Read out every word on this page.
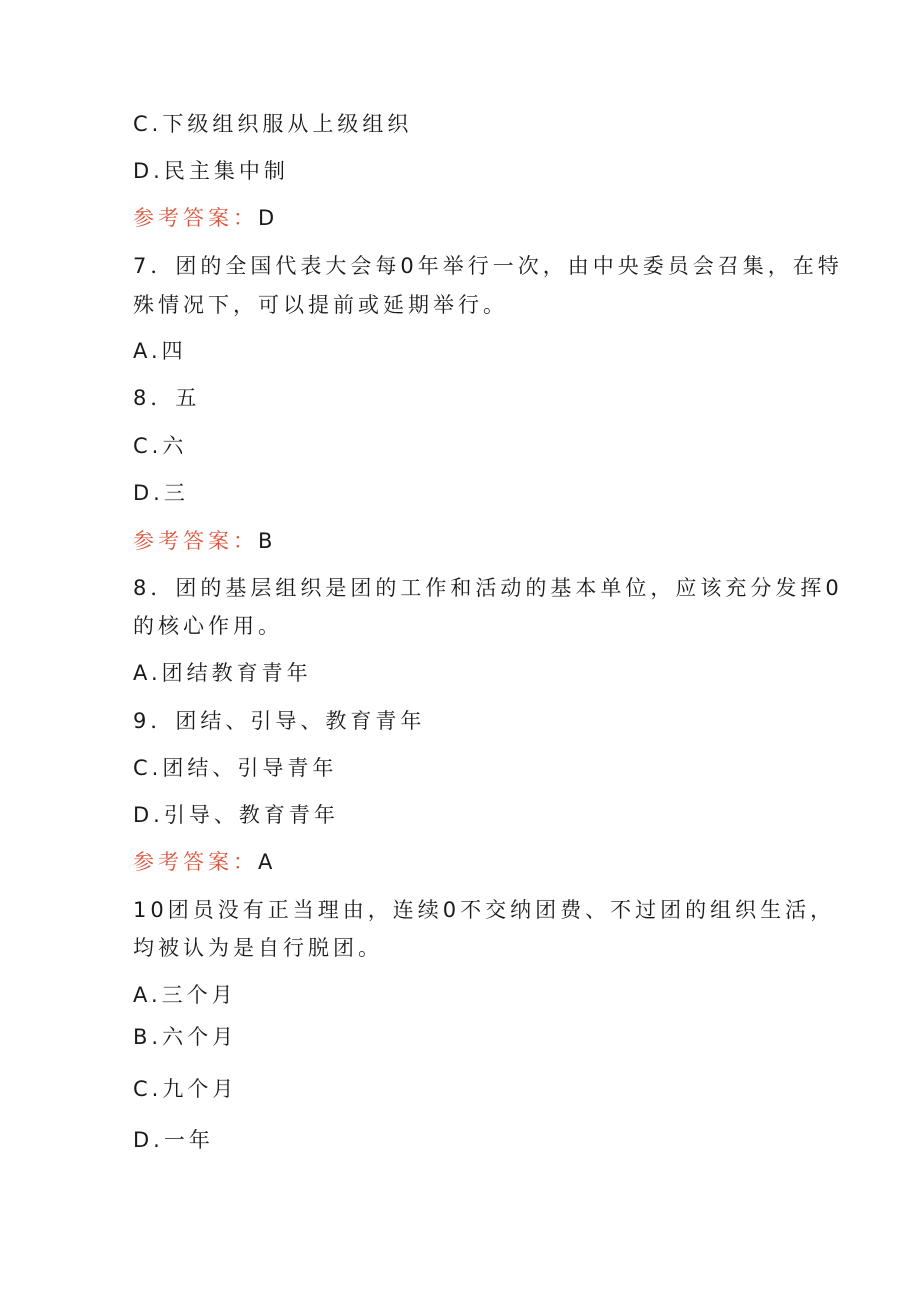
C.下级组织服从上级组织
D.民主集中制
参考答案：D
7．团的全国代表大会每0年举行一次，由中央委员会召集，在特
殊情况下，可以提前或延期举行。
A.四
8．五
C.六
D.三
参考答案：B
8．团的基层组织是团的工作和活动的基本单位，应该充分发挥0
的核心作用。
A.团结教育青年
9．团结、引导、教育青年
C.团结、引导青年
D.引导、教育青年
参考答案：A
10团员没有正当理由，连续0不交纳团费、不过团的组织生活，
均被认为是自行脱团。
A.三个月
B.六个月
C.九个月
D.一年
